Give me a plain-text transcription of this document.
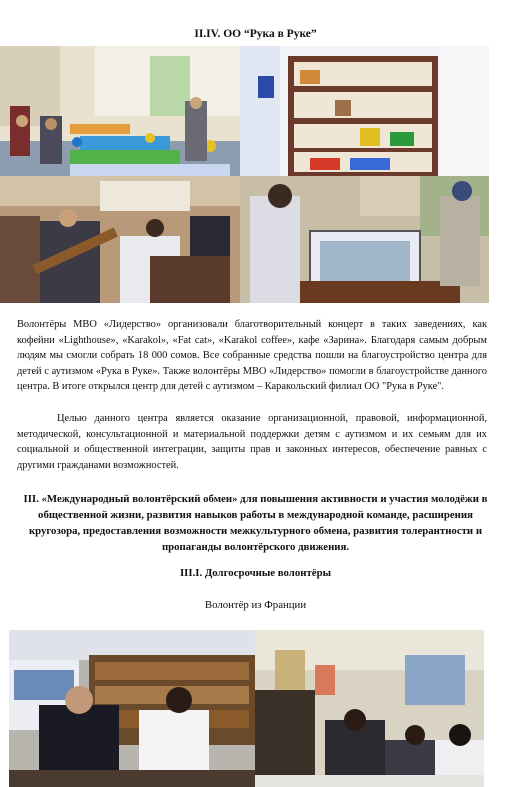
II.IV. ОО “Рука в Руке”
Волонтёры МВО «Лидерство» организовали благотворительный концерт в таких заведениях, как кофейни «Lighthouse», «Karakol», «Fat cat», «Karakol coffee», кафе «Зарина». Благодаря самым добрым людям мы смогли собрать 18 000 сомов. Все собранные средства пошли на благоустройство центра для детей с аутизмом «Рука в Руке». Также волонтёры МВО «Лидерство» помогли в благоустройстве данного центра. В итоге открылся центр для детей с аутизмом – Каракольский филиал ОО "Рука в Руке".
Целью данного центра является оказание организационной, правовой, информационной, методической, консультационной и материальной поддержки детям с аутизмом и их семьям для их социальной и общественной интеграции, защиты прав и законных интересов, обеспечение равных с другими гражданами возможностей.
III. «Международный волонтёрский обмен» для повышения активности и участия молодёжи в общественной жизни, развития навыков работы в международной команде, расширения кругозора, предоставления возможности межкультурного обмена, развития толерантности и пропаганды волонтёрского движения.
III.I. Долгосрочные волонтёры
Волонтёр из Франции
